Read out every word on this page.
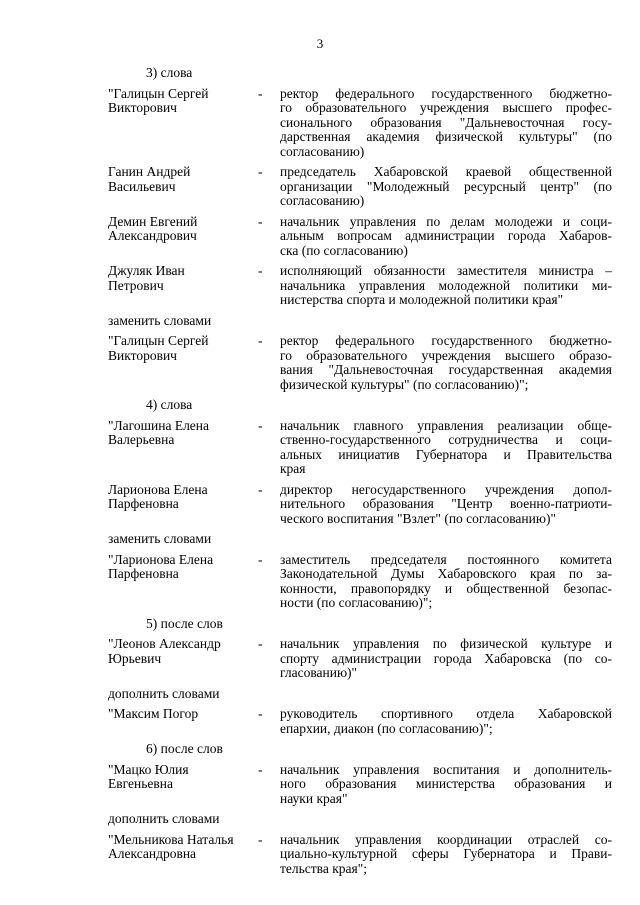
3
3) слова
"Галицын Сергей
Викторович
-	ректор федерального государственного бюджетно-
го образовательного учреждения высшего профес-
сионального образования "Дальневосточная госу-
дарственная академия физической культуры" (по
согласованию)
Ганин Андрей
Васильевич
-	председатель Хабаровской краевой общественной
организации "Молодежный ресурсный центр" (по
согласованию)
Демин Евгений
Александрович
-	начальник управления по делам молодежи и соци-
альным вопросам администрации города Хабаров-
ска (по согласованию)
Джуляк Иван
Петрович
-	исполняющий обязанности заместителя министра –
начальника управления молодежной политики ми-
нистерства спорта и молодежной политики края"
заменить словами
"Галицын Сергей
Викторович
-	ректор федерального государственного бюджетно-
го образовательного учреждения высшего образо-
вания "Дальневосточная государственная академия
физической культуры" (по согласованию)";
4) слова
"Лагошина Елена
Валерьевна
-	начальник главного управления реализации обще-
ственно-государственного сотрудничества и соци-
альных инициатив Губернатора и Правительства
края
Ларионова Елена
Парфеновна
-	директор негосударственного учреждения допол-
нительного образования "Центр военно-патриоти-
ческого воспитания "Взлет" (по согласованию)"
заменить словами
"Ларионова Елена
Парфеновна
-	заместитель председателя постоянного комитета
Законодательной Думы Хабаровского края по за-
конности, правопорядку и общественной безопас-
ности (по согласованию)";
5) после слов
"Леонов Александр
Юрьевич
-	начальник управления по физической культуре и
спорту администрации города Хабаровска (по со-
гласованию)"
дополнить словами
"Максим Погор	-	руководитель спортивного отдела Хабаровской
епархии, диакон (по согласованию)";
6) после слов
"Мацко Юлия
Евгеньевна
-	начальник управления воспитания и дополнитель-
ного образования министерства образования и
науки края"
дополнить словами
"Мельникова Наталья
Александровна
-	начальник управления координации отраслей со-
циально-культурной сферы Губернатора и Прави-
тельства края";
